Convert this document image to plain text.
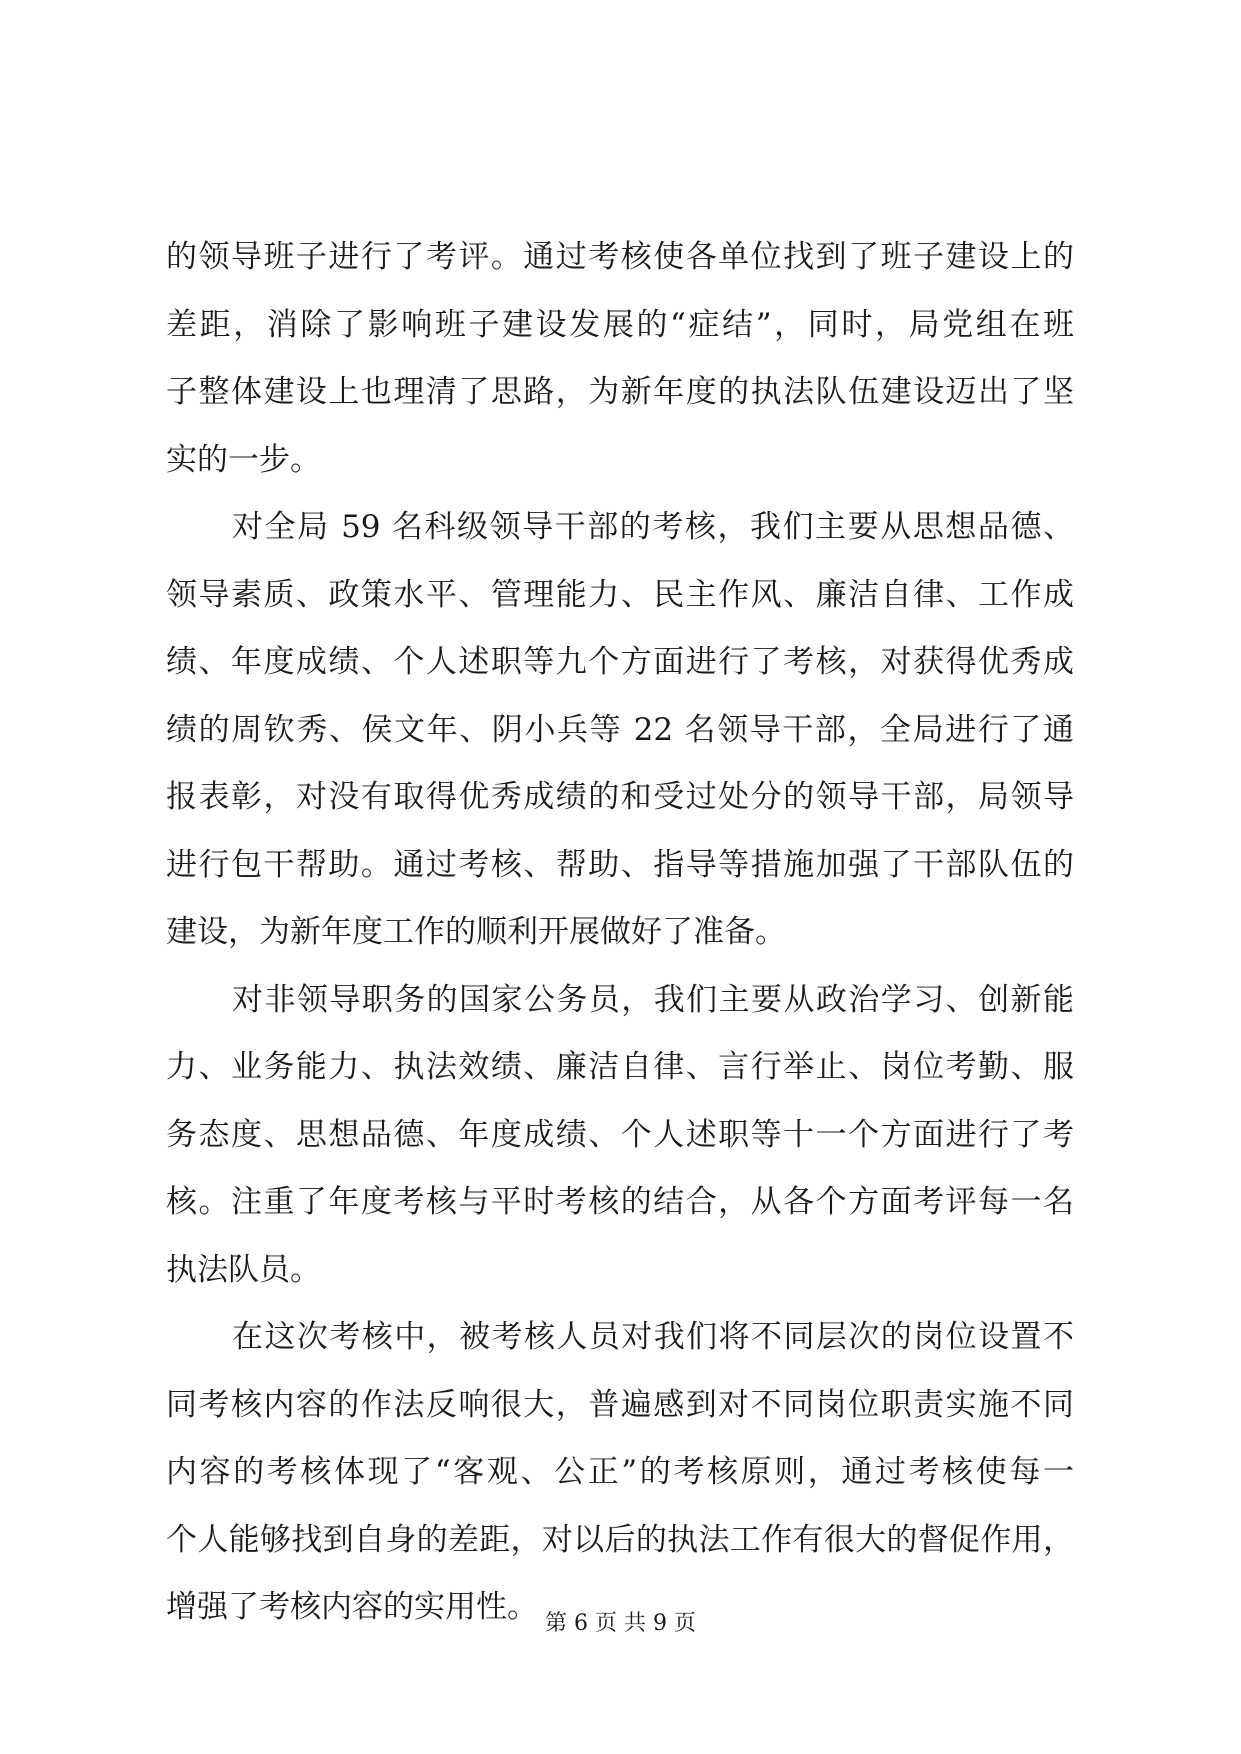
的领导班子进行了考评。通过考核使各单位找到了班子建设上的
差距，消除了影响班子建设发展的“症结”，同时，局党组在班
子整体建设上也理清了思路，为新年度的执法队伍建设迈出了坚
实的一步。
对全局 59 名科级领导干部的考核，我们主要从思想品德、
领导素质、政策水平、管理能力、民主作风、廉洁自律、工作成
绩、年度成绩、个人述职等九个方面进行了考核，对获得优秀成
绩的周钦秀、侯文年、阴小兵等 22 名领导干部，全局进行了通
报表彰，对没有取得优秀成绩的和受过处分的领导干部，局领导
进行包干帮助。通过考核、帮助、指导等措施加强了干部队伍的
建设，为新年度工作的顺利开展做好了准备。
对非领导职务的国家公务员，我们主要从政治学习、创新能
力、业务能力、执法效绩、廉洁自律、言行举止、岗位考勤、服
务态度、思想品德、年度成绩、个人述职等十一个方面进行了考
核。注重了年度考核与平时考核的结合，从各个方面考评每一名
执法队员。
在这次考核中，被考核人员对我们将不同层次的岗位设置不
同考核内容的作法反响很大，普遍感到对不同岗位职责实施不同
内容的考核体现了“客观、公正”的考核原则，通过考核使每一
个人能够找到自身的差距，对以后的执法工作有很大的督促作用，
增强了考核内容的实用性。 第 6 页 共 9 页
